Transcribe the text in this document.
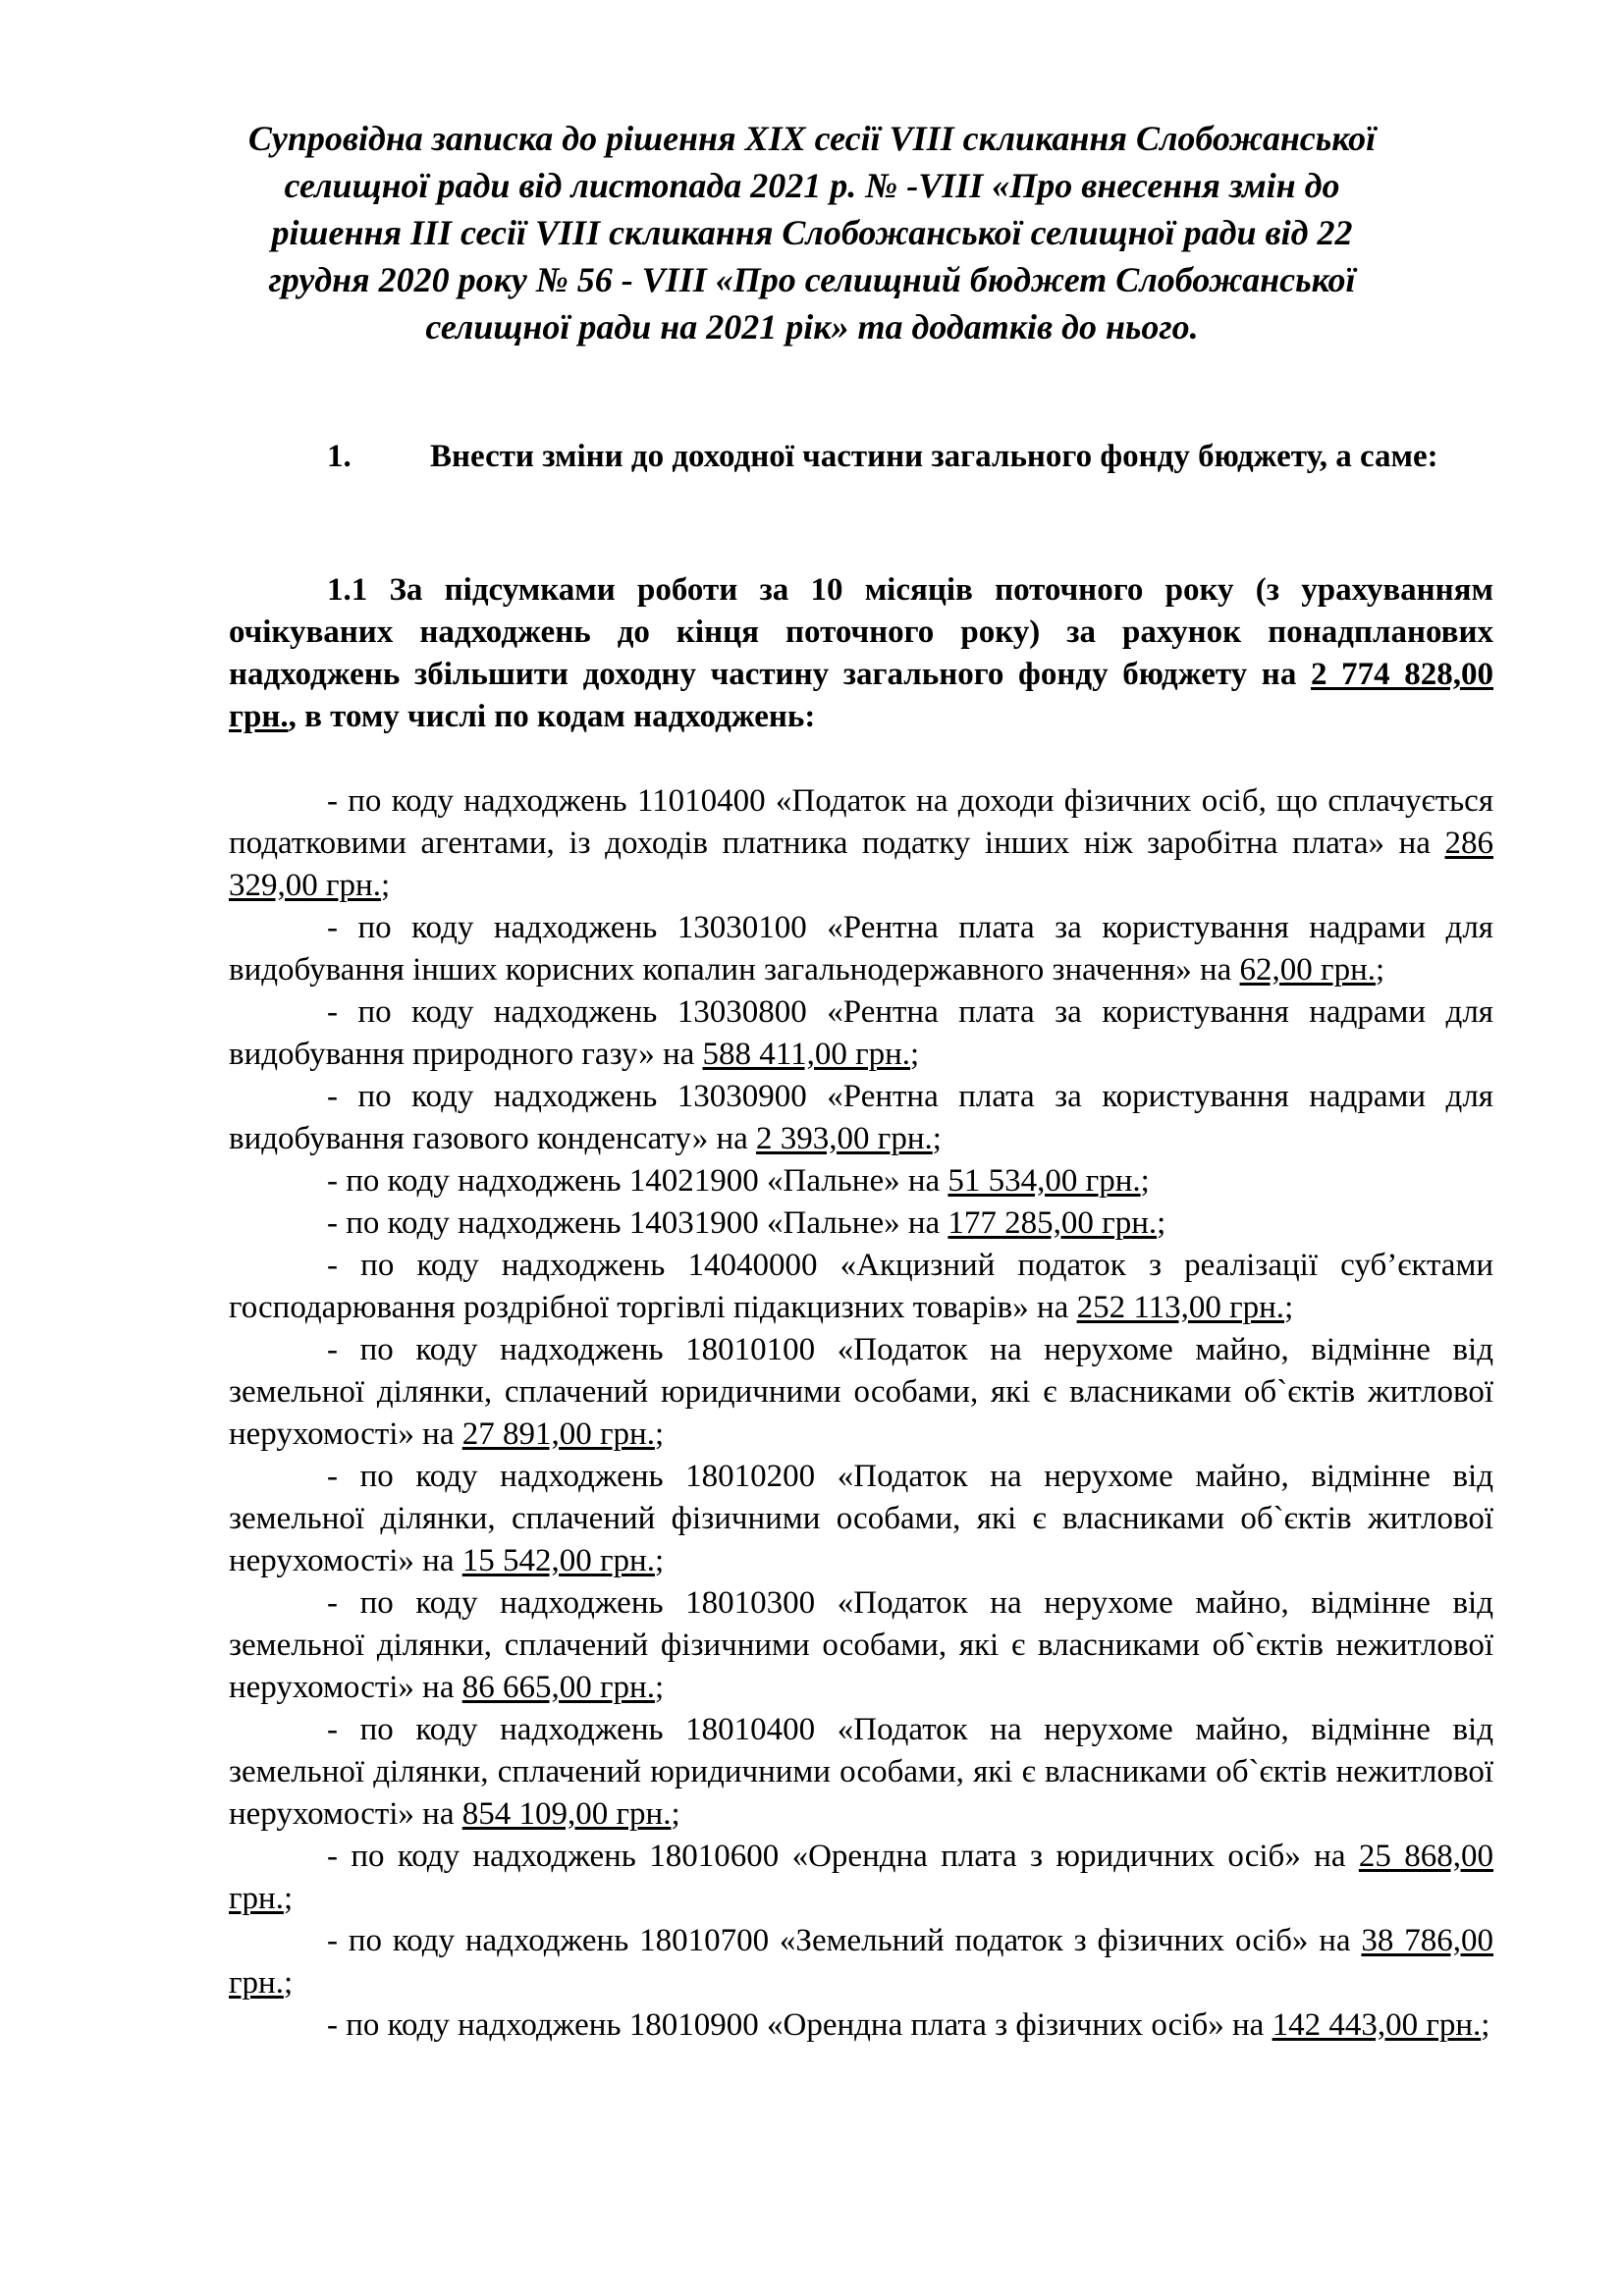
Супровідна записка до рішення ХІХ сесії VIIІ скликання Слобожанської селищної ради від листопада 2021 р. № -VIII «Про внесення змін до рішення ІІІ сесії VIIІ скликання Слобожанської селищної ради від 22 грудня 2020 року № 56 - VIIІ «Про селищний бюджет Слобожанської селищної ради на 2021 рік» та додатків до нього.

1. Внести зміни до доходної частини загального фонду бюджету, а саме:

1.1 За підсумками роботи за 10 місяців поточного року (з урахуванням очікуваних надходжень до кінця поточного року) за рахунок понадпланових надходжень збільшити доходну частину загального фонду бюджету на 2 774 828,00 грн., в тому числі по кодам надходжень:

- по коду надходжень 11010400 «Податок на доходи фізичних осіб, що сплачується податковими агентами, із доходів платника податку інших ніж заробітна плата» на 286 329,00 грн.;
- по коду надходжень 13030100 «Рентна плата за користування надрами для видобування інших корисних копалин загальнодержавного значення» на 62,00 грн.;
- по коду надходжень 13030800 «Рентна плата за користування надрами для видобування природного газу» на 588 411,00 грн.;
- по коду надходжень 13030900 «Рентна плата за користування надрами для видобування газового конденсату» на 2 393,00 грн.;
- по коду надходжень 14021900 «Пальне» на 51 534,00 грн.;
- по коду надходжень 14031900 «Пальне» на 177 285,00 грн.;
- по коду надходжень 14040000 «Акцизний податок з реалізації суб’єктами господарювання роздрібної торгівлі підакцизних товарів» на 252 113,00 грн.;
- по коду надходжень 18010100 «Податок на нерухоме майно, відмінне від земельної ділянки, сплачений юридичними особами, які є власниками об`єктів житлової нерухомості» на 27 891,00 грн.;
- по коду надходжень 18010200 «Податок на нерухоме майно, відмінне від земельної ділянки, сплачений фізичними особами, які є власниками об`єктів житлової нерухомості» на 15 542,00 грн.;
- по коду надходжень 18010300 «Податок на нерухоме майно, відмінне від земельної ділянки, сплачений фізичними особами, які є власниками об`єктів нежитлової нерухомості» на 86 665,00 грн.;
- по коду надходжень 18010400 «Податок на нерухоме майно, відмінне від земельної ділянки, сплачений юридичними особами, які є власниками об`єктів нежитлової нерухомості» на 854 109,00 грн.;
- по коду надходжень 18010600 «Орендна плата з юридичних осіб» на 25 868,00 грн.;
- по коду надходжень 18010700 «Земельний податок з фізичних осіб» на 38 786,00 грн.;
- по коду надходжень 18010900 «Орендна плата з фізичних осіб» на 142 443,00 грн.;
